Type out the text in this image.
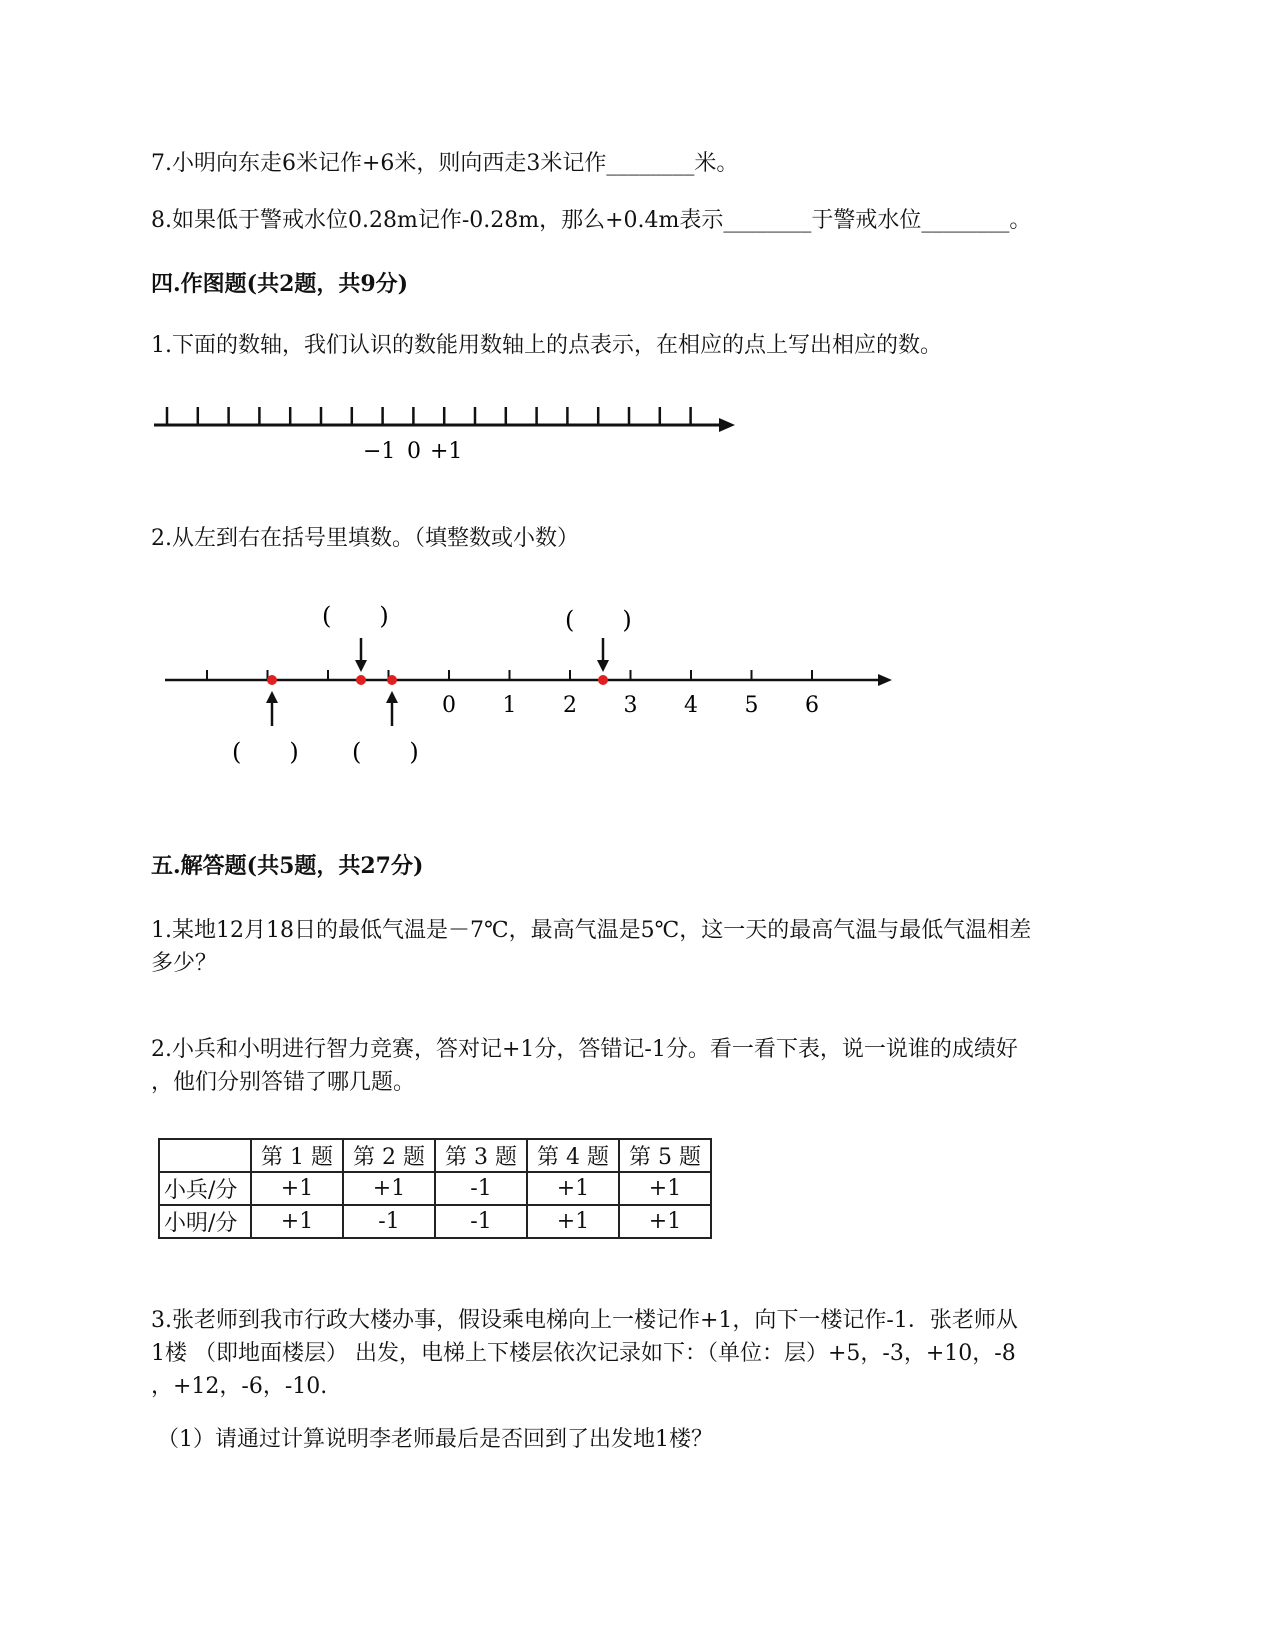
7.小明向东走6米记作+6米，则向西走3米记作________米。
8.如果低于警戒水位0.28m记作-0.28m，那么+0.4m表示________于警戒水位________。
四.作图题(共2题，共9分)
1.下面的数轴，我们认识的数能用数轴上的点表示，在相应的点上写出相应的数。
−1 0 +1
0 1 2 3 4 5 6
(　　)	(　　)
(　　) (　　)
2.从左到右在括号里填数。（填整数或小数）
五.解答题(共5题，共27分)
1.某地12月18日的最低气温是－7℃，最高气温是5℃，这一天的最高气温与最低气温相差
多少？
2.小兵和小明进行智力竞赛，答对记+1分，答错记-1分。看一看下表，说一说谁的成绩好
，他们分别答错了哪几题。
	第 1 题	第 2 题	第 3 题	第 4 题	第 5 题
小兵/分	+1	+1	-1	+1	+1
小明/分	+1	-1	-1	+1	+1
3.张老师到我市行政大楼办事，假设乘电梯向上一楼记作+1，向下一楼记作-1．张老师从
1楼 （即地面楼层） 出发，电梯上下楼层依次记录如下：（单位：层）+5，-3，+10，-8
，+12，-6，-10.
（1）请通过计算说明李老师最后是否回到了出发地1楼？
